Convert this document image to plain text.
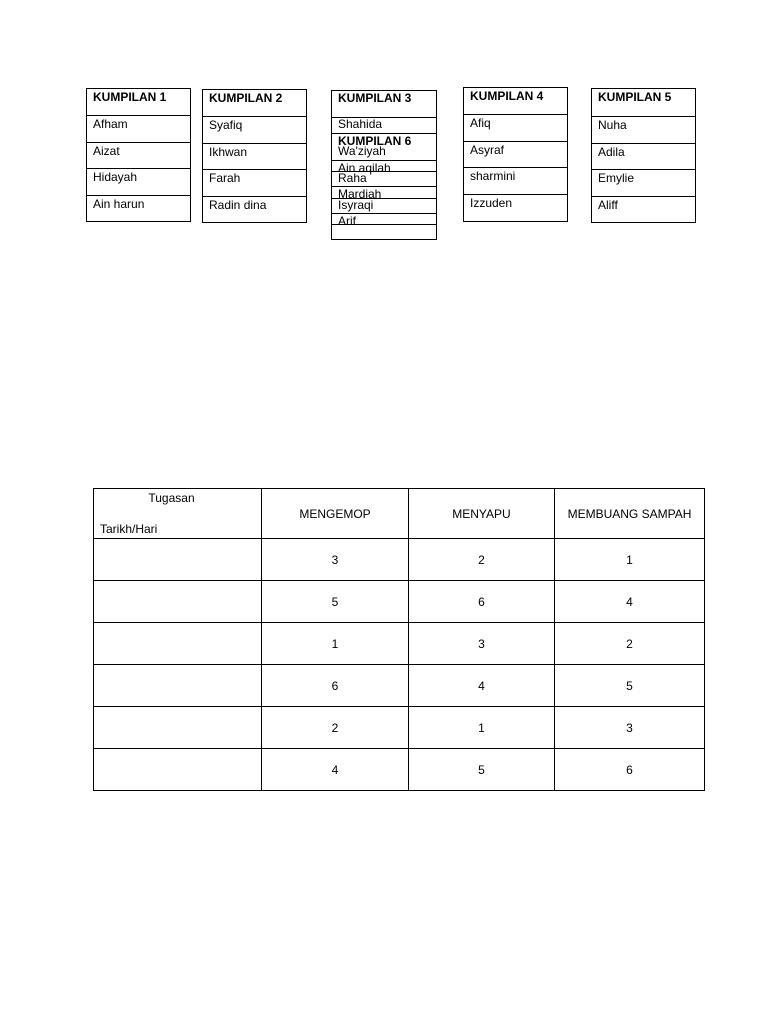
KUMPILAN 1
Afham
Aizat
Hidayah
Ain harun
KUMPILAN 2
Syafiq
Ikhwan
Farah
Radin dina
KUMPILAN 3
Shahida
KUMPILAN 6
Wa'ziyah
Ain aqilah
Raha
Mardiah
Isyraqi
Arif
KUMPILAN 4
Afiq
Asyraf
sharmini
Izzuden
KUMPILAN 5
Nuha
Adila
Emylie
Aliff
Tugasan
Tarikh/Hari	MENGEMOP	MENYAPU	MEMBUANG SAMPAH
	3	2	1
	5	6	4
	1	3	2
	6	4	5
	2	1	3
	4	5	6
